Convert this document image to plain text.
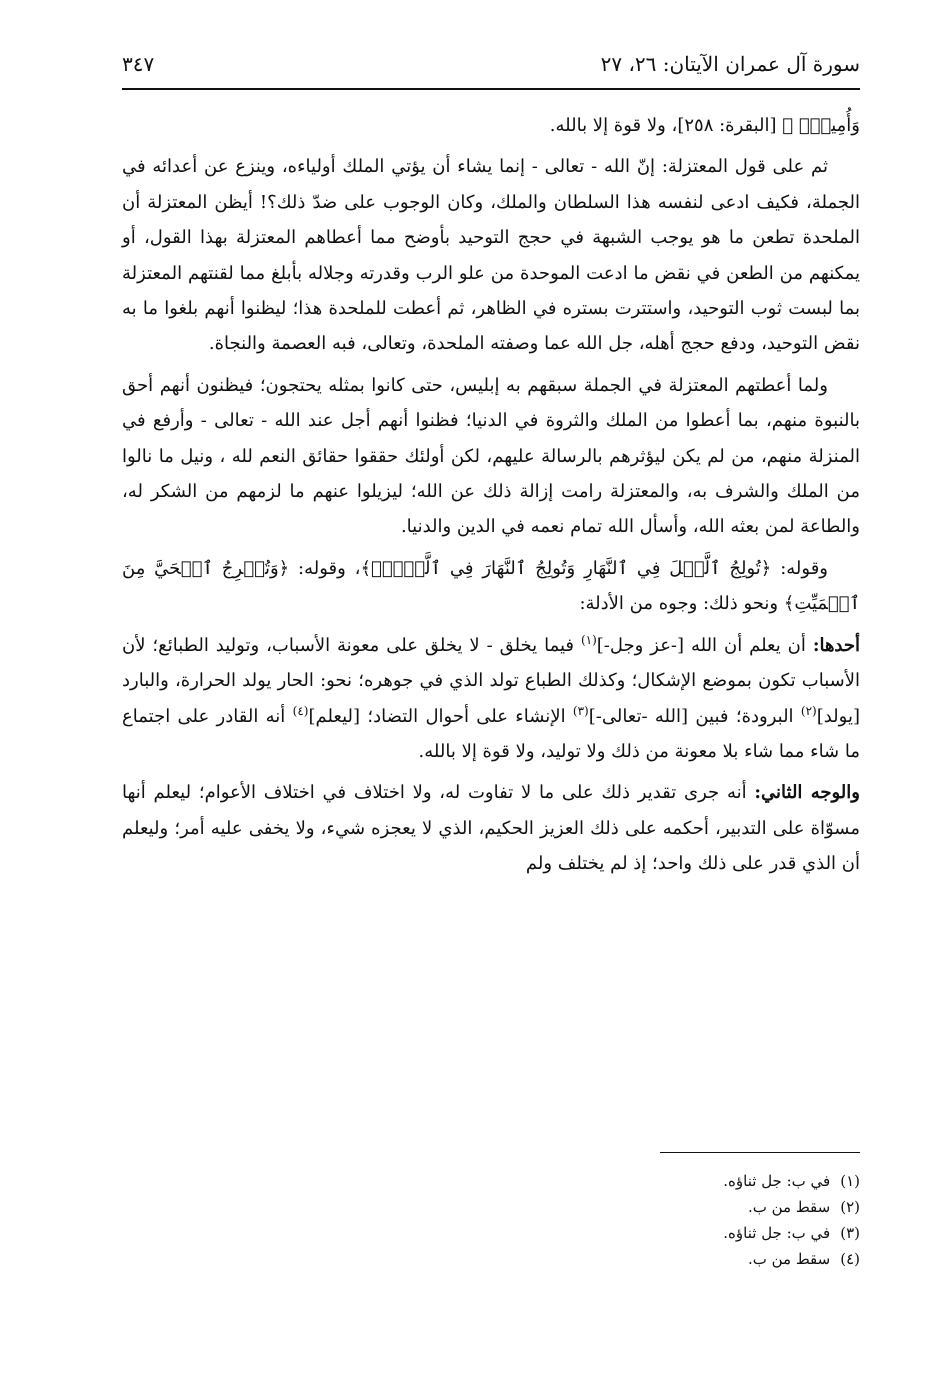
سورة آل عمران الآيتان: ٢٦، ٢٧
٣٤٧

وَأُمِيتُۖ ﴾ [البقرة: ٢٥٨]، ولا قوة إلا بالله.

ثم على قول المعتزلة: إنّ الله - تعالى - إنما يشاء أن يؤتي الملك أولياءه، وينزع عن أعدائه في الجملة، فكيف ادعى لنفسه هذا السلطان والملك، وكان الوجوب على ضدّ ذلك؟! أيظن المعتزلة أن الملحدة تطعن ما هو يوجب الشبهة في حجج التوحيد بأوضح مما أعطاهم المعتزلة بهذا القول، أو يمكنهم من الطعن في نقض ما ادعت الموحدة من علو الرب وقدرته وجلاله بأبلغ مما لقنتهم المعتزلة بما لبست ثوب التوحيد، واستترت بستره في الظاهر، ثم أعطت للملحدة هذا؛ ليظنوا أنهم بلغوا ما به نقض التوحيد، ودفع حجج أهله، جل الله عما وصفته الملحدة، وتعالى، فبه العصمة والنجاة.

ولما أعطتهم المعتزلة في الجملة سبقهم به إبليس، حتى كانوا بمثله يحتجون؛ فيظنون أنهم أحق بالنبوة منهم، بما أعطوا من الملك والثروة في الدنيا؛ فظنوا أنهم أجل عند الله - تعالى - وأرفع في المنزلة منهم، من لم يكن ليؤثرهم بالرسالة عليهم، لكن أولئك حققوا حقائق النعم لله ، ونيل ما نالوا من الملك والشرف به، والمعتزلة رامت إزالة ذلك عن الله؛ ليزيلوا عنهم ما لزمهم من الشكر له، والطاعة لمن بعثه الله، وأسأل الله تمام نعمه في الدين والدنيا.

وقوله: ﴿تُولِجُ ٱلَّيۡلَ فِي ٱلنَّهَارِ وَتُولِجُ ٱلنَّهَارَ فِي ٱلَّيۡلِۖ﴾، وقوله: ﴿وَتُخۡرِجُ ٱلۡحَيَّ مِنَ ٱلۡمَيِّتِ﴾ ونحو ذلك: وجوه من الأدلة:

أحدها: أن يعلم أن الله [-عز وجل-]$^{(١)}$ فيما يخلق - لا يخلق على معونة الأسباب، وتوليد الطبائع؛ لأن الأسباب تكون بموضع الإشكال؛ وكذلك الطباع تولد الذي في جوهره؛ نحو: الحار يولد الحرارة، والبارد [يولد]$^{(٢)}$ البرودة؛ فبين [الله -تعالى-]$^{(٣)}$ الإنشاء على أحوال التضاد؛ [ليعلم]$^{(٤)}$ أنه القادر على اجتماع ما شاء مما شاء بلا معونة من ذلك ولا توليد، ولا قوة إلا بالله.

والوجه الثاني: أنه جرى تقدير ذلك على ما لا تفاوت له، ولا اختلاف في اختلاف الأعوام؛ ليعلم أنها مسوّاة على التدبير، أحكمه على ذلك العزيز الحكيم، الذي لا يعجزه شيء، ولا يخفى عليه أمر؛ وليعلم أن الذي قدر على ذلك واحد؛ إذ لم يختلف ولم

(١)
في ب: جل ثناؤه.
(٢)
سقط من ب.
(٣)
في ب: جل ثناؤه.
(٤)
سقط من ب.
